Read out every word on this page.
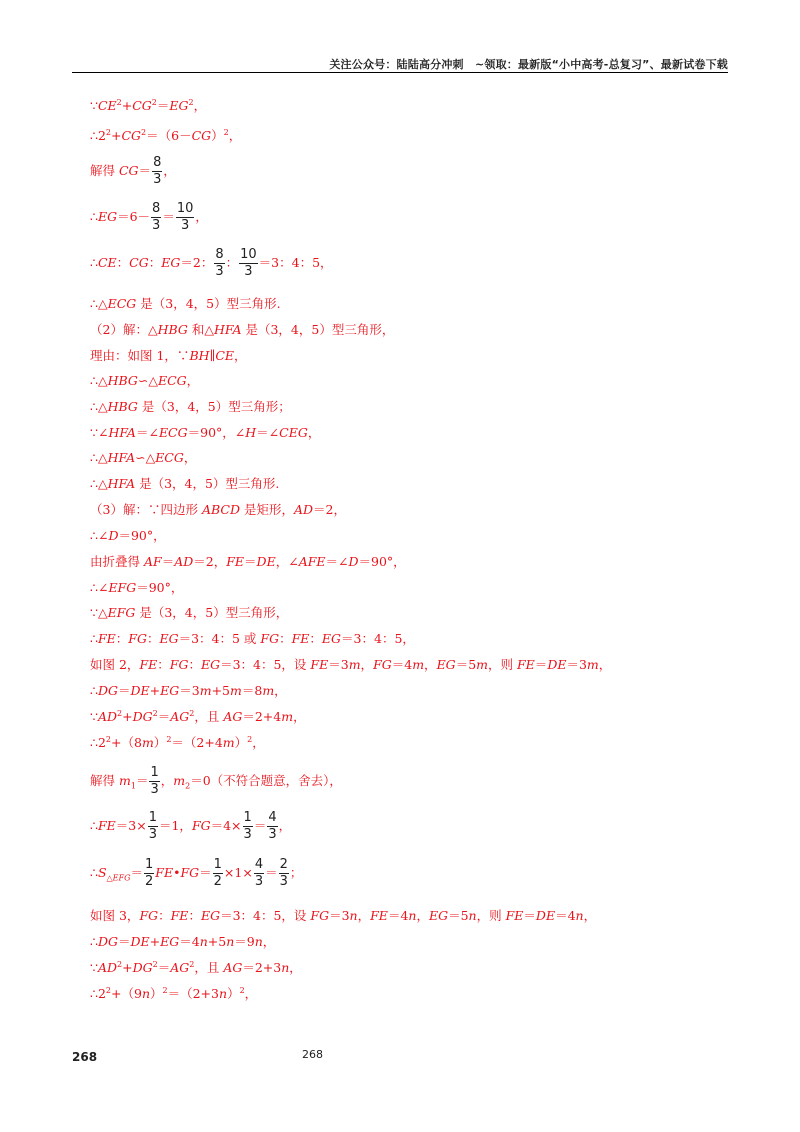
关注公众号：陆陆高分冲刺　~领取：最新版“小中高考-总复习”、最新试卷下载
$\because CE^2+CG^2=EG^2$，
$\therefore 2^2+CG^2=(6-CG)^2$，
解得 $CG= \frac{8}{3}$ ，
∴EG＝6－ $\frac{8}{3} = \frac{10}{3}$ ，
∴CE：CG：EG＝2： $\frac{8}{3}$ ： $\frac{10}{3} =3$：4：5，
∴△ECG 是（3，4，5）型三角形.
（2）解：△HBG 和△HFA 是（3，4，5）型三角形，
理由：如图 1，∵BH∥CE，
∴△HBG∽△ECG，
∴△HBG 是（3，4，5）型三角形；
∵∠HFA＝∠ECG＝90°，∠H＝∠CEG，
∴△HFA∽△ECG，
∴△HFA 是（3，4，5）型三角形.
（3）解：∵四边形 ABCD 是矩形，AD＝2，
∴∠D＝90°，
由折叠得 AF＝AD＝2，FE＝DE，∠AFE＝∠D＝90°，
∴∠EFG＝90°，
∵△EFG 是（3，4，5）型三角形，
∴FE：FG：EG＝3：4：5 或 FG：FE：EG＝3：4：5，
如图 2，FE：FG：EG＝3：4：5，设 FE＝3m，FG＝4m，EG＝5m，则 FE＝DE＝3m，
∴DG＝DE+EG＝3m+5m＝8m，
$\because AD^2+DG^2=AG^2$，且 AG＝2+4m，
$\therefore 2^2+(8m)^2=(2+4m)^2$，
解得 $m_1= \frac{1}{3}$ ，$m_2=0$（不符合题意，舍去），
∴FE＝3× $\frac{1}{3} =1$，$FG=4\times \frac{1}{3} = \frac{4}{3}$ ，
$\therefore S_{\triangle EFG}= \frac{1}{2}$ FE•FG＝ $\frac{1}{2} \times 1\times \frac{4}{3} = \frac{2}{3}$ ；
如图 3，FG：FE：EG＝3：4：5，设 FG＝3n，FE＝4n，EG＝5n，则 FE＝DE＝4n，
∴DG＝DE+EG＝4n+5n＝9n，
$\because AD^2+DG^2=AG^2$，且 AG＝2+3n，
$\therefore 2^2+(9n)^2=(2+3n)^2$，
268	268
